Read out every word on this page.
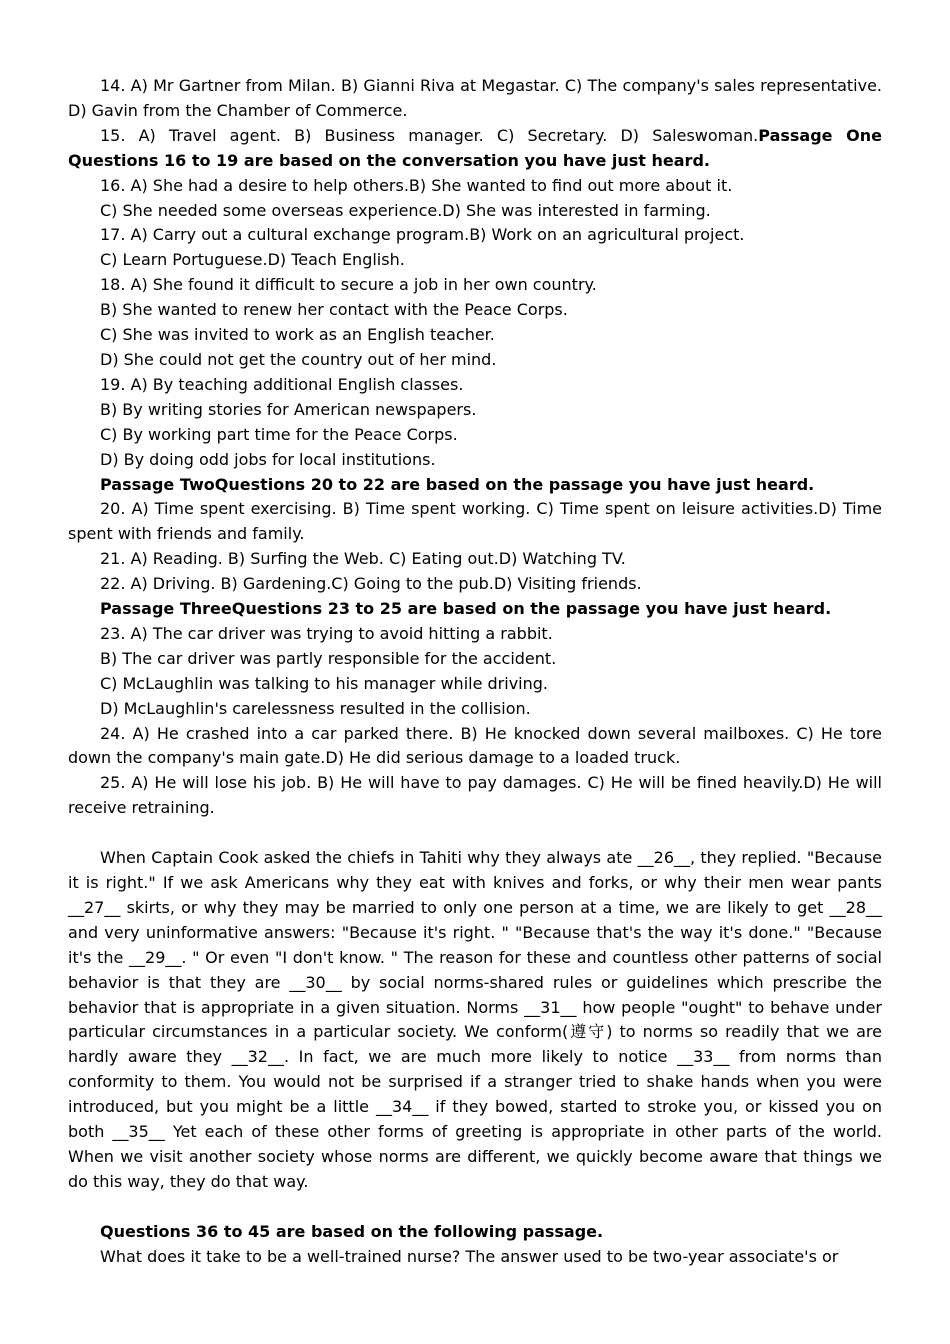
14. A) Mr Gartner from Milan. B) Gianni Riva at Megastar. C) The company's sales representative. D) Gavin from the Chamber of Commerce.

15. A) Travel agent. B) Business manager. C) Secretary. D) Saleswoman.Passage One Questions 16 to 19 are based on the conversation you have just heard.

16. A) She had a desire to help others.B) She wanted to find out more about it.

C) She needed some overseas experience.D) She was interested in farming.

17. A) Carry out a cultural exchange program.B) Work on an agricultural project.

C) Learn Portuguese.D) Teach English.

18. A) She found it difficult to secure a job in her own country.

B) She wanted to renew her contact with the Peace Corps.

C) She was invited to work as an English teacher.

D) She could not get the country out of her mind.

19. A) By teaching additional English classes.

B) By writing stories for American newspapers.

C) By working part time for the Peace Corps.

D) By doing odd jobs for local institutions.

Passage TwoQuestions 20 to 22 are based on the passage you have just heard.

20. A) Time spent exercising. B) Time spent working. C) Time spent on leisure activities.D) Time spent with friends and family.

21. A) Reading. B) Surfing the Web. C) Eating out.D) Watching TV.

22. A) Driving. B) Gardening.C) Going to the pub.D) Visiting friends.

Passage ThreeQuestions 23 to 25 are based on the passage you have just heard.

23. A) The car driver was trying to avoid hitting a rabbit.

B) The car driver was partly responsible for the accident.

C) McLaughlin was talking to his manager while driving.

D) McLaughlin's carelessness resulted in the collision.

24. A) He crashed into a car parked there. B) He knocked down several mailboxes. C) He tore down the company's main gate.D) He did serious damage to a loaded truck.

25. A) He will lose his job. B) He will have to pay damages. C) He will be fined heavily.D) He will receive retraining.

When Captain Cook asked the chiefs in Tahiti why they always ate __26__, they replied. "Because it is right." If we ask Americans why they eat with knives and forks, or why their men wear pants __27__ skirts, or why they may be married to only one person at a time, we are likely to get __28__ and very uninformative answers: "Because it's right. " "Because that's the way it's done." "Because it's the __29__. " Or even "I don't know. " The reason for these and countless other patterns of social behavior is that they are __30__ by social norms-shared rules or guidelines which prescribe the behavior that is appropriate in a given situation. Norms __31__ how people "ought" to behave under particular circumstances in a particular society. We conform(遵守) to norms so readily that we are hardly aware they __32__. In fact, we are much more likely to notice __33__ from norms than conformity to them. You would not be surprised if a stranger tried to shake hands when you were introduced, but you might be a little __34__ if they bowed, started to stroke you, or kissed you on both __35__ Yet each of these other forms of greeting is appropriate in other parts of the world. When we visit another society whose norms are different, we quickly become aware that things we do this way, they do that way.

Questions 36 to 45 are based on the following passage.

What does it take to be a well-trained nurse? The answer used to be two-year associate's or
